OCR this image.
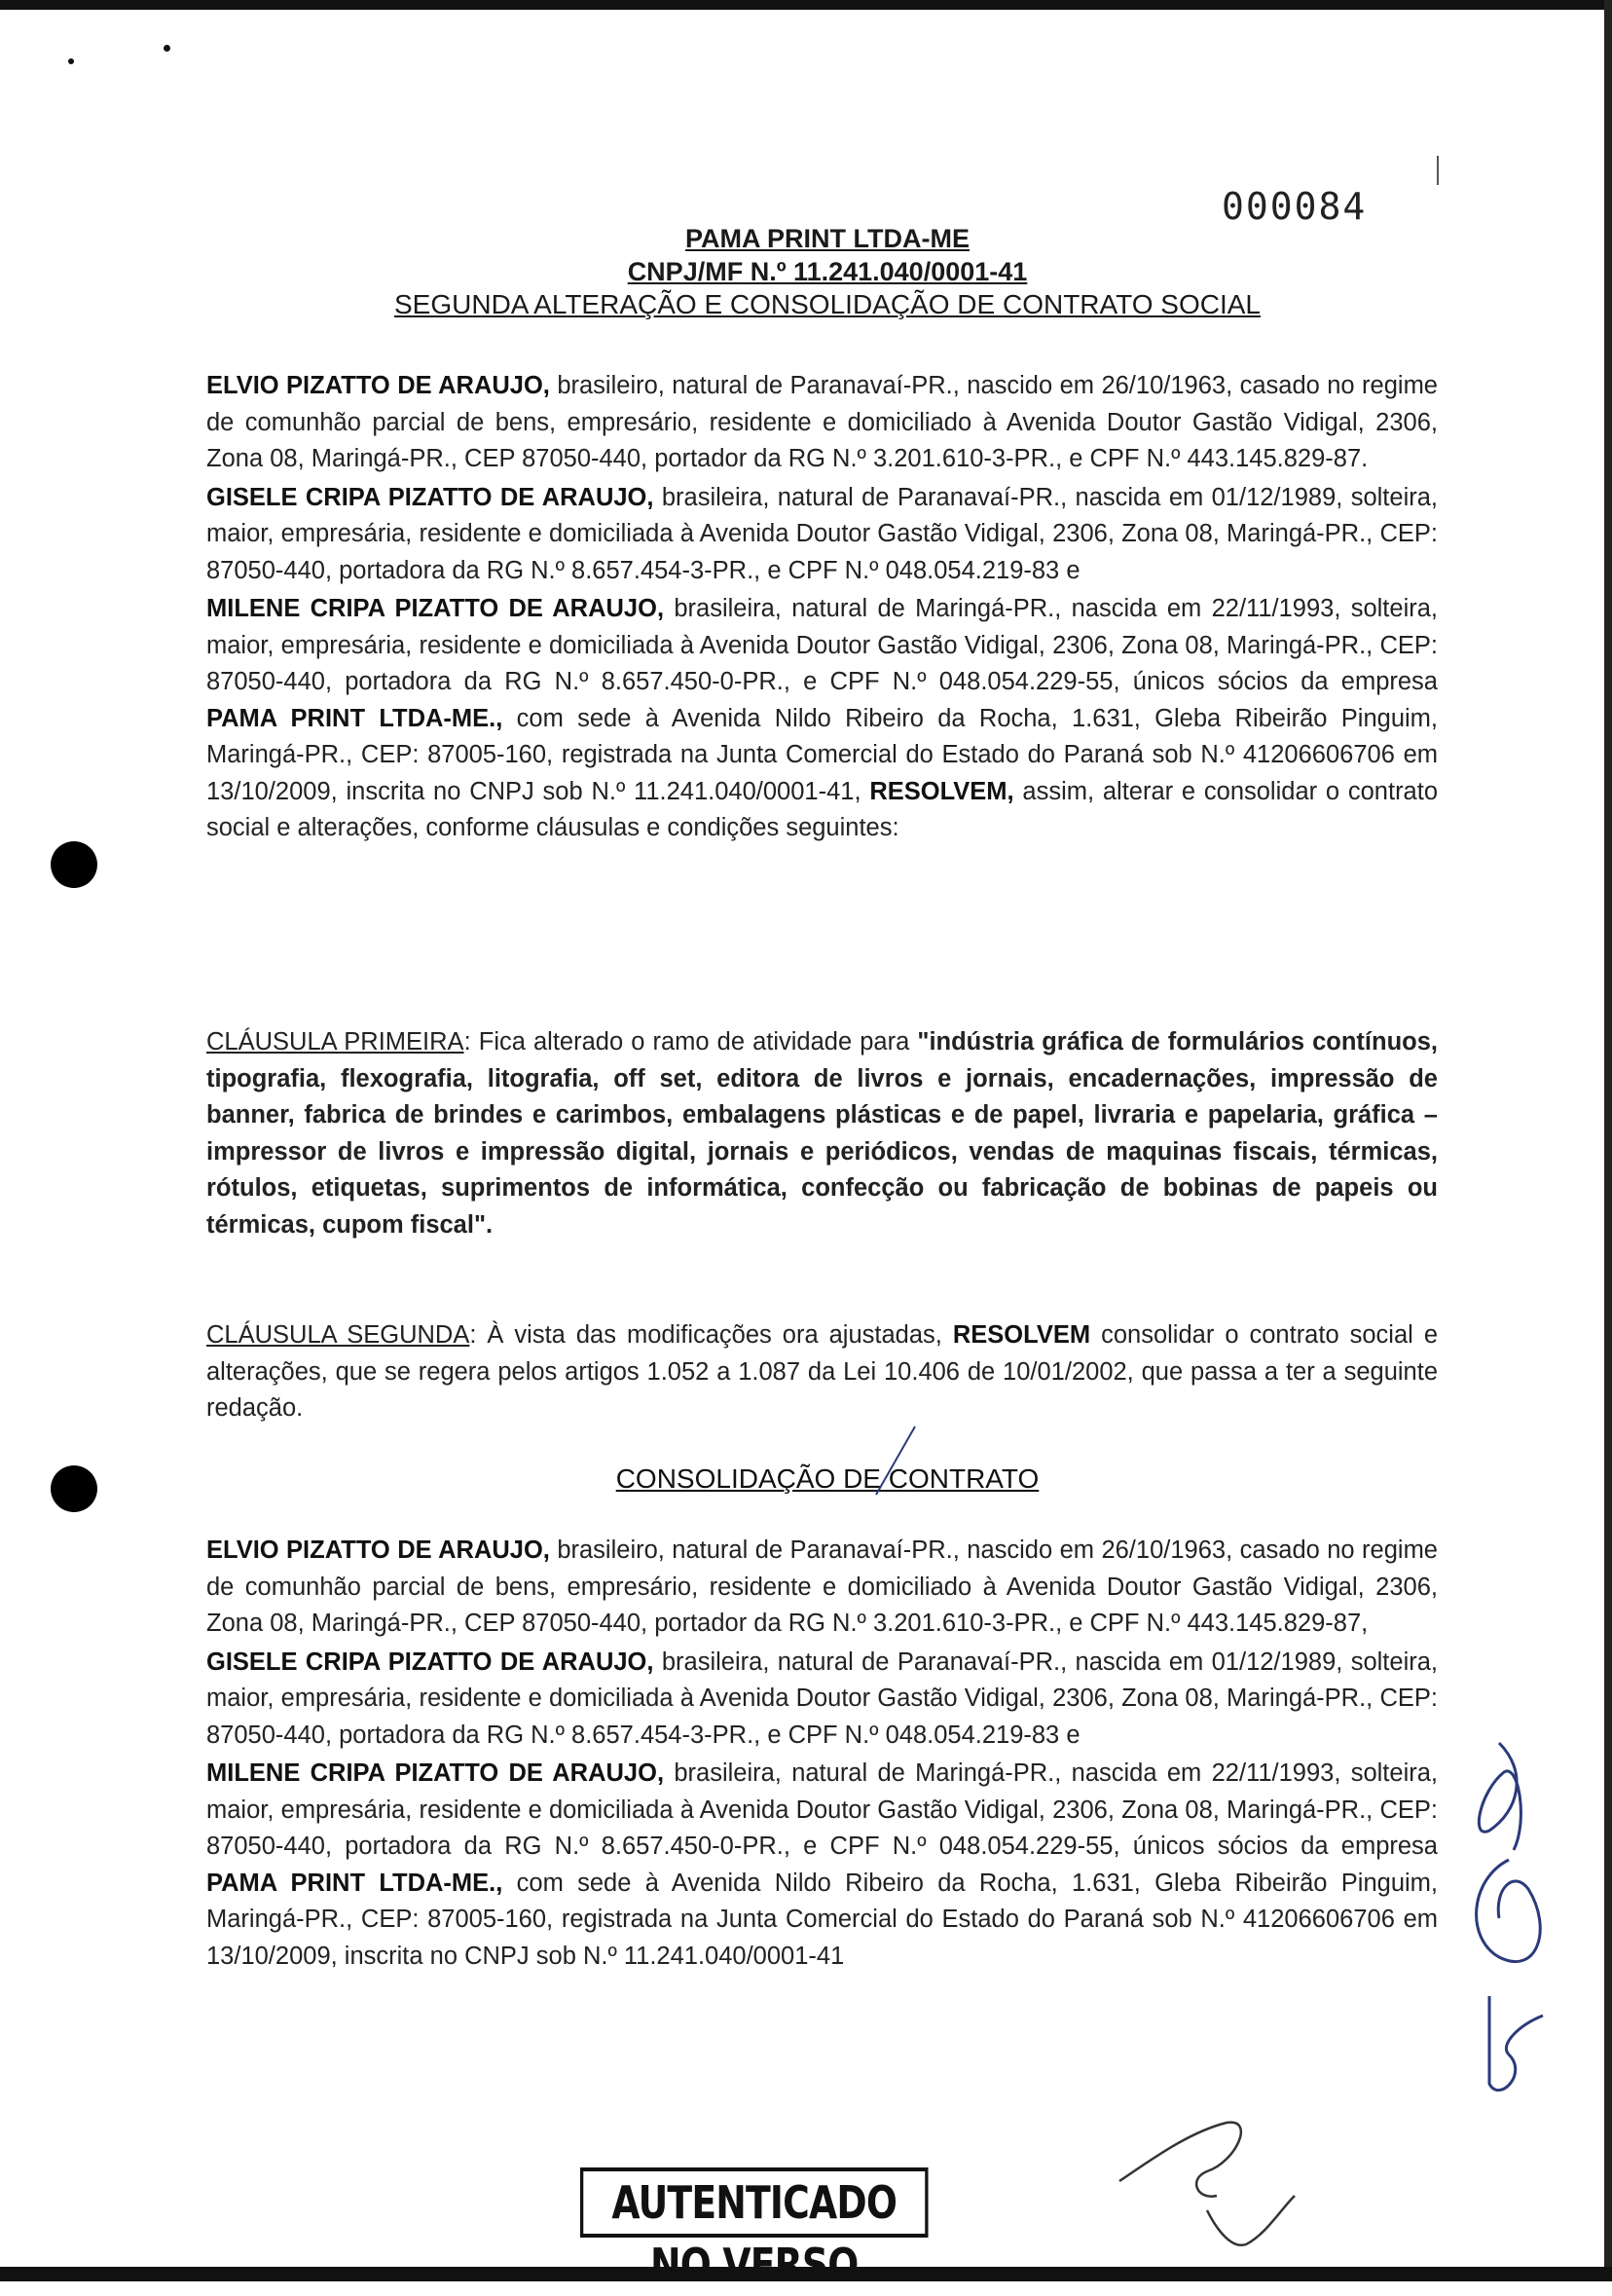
000084
PAMA PRINT LTDA-ME
CNPJ/MF N.º 11.241.040/0001-41
SEGUNDA ALTERAÇÃO E CONSOLIDAÇÃO DE CONTRATO SOCIAL

ELVIO PIZATTO DE ARAUJO, brasileiro, natural de Paranavaí-PR., nascido em 26/10/1963, casado no regime de comunhão parcial de bens, empresário, residente e domiciliado à Avenida Doutor Gastão Vidigal, 2306, Zona 08, Maringá-PR., CEP 87050-440, portador da RG N.º 3.201.610-3-PR., e CPF N.º 443.145.829-87.

GISELE CRIPA PIZATTO DE ARAUJO, brasileira, natural de Paranavaí-PR., nascida em 01/12/1989, solteira, maior, empresária, residente e domiciliada à Avenida Doutor Gastão Vidigal, 2306, Zona 08, Maringá-PR., CEP: 87050-440, portadora da RG N.º 8.657.454-3-PR., e CPF N.º 048.054.219-83 e

MILENE CRIPA PIZATTO DE ARAUJO, brasileira, natural de Maringá-PR., nascida em 22/11/1993, solteira, maior, empresária, residente e domiciliada à Avenida Doutor Gastão Vidigal, 2306, Zona 08, Maringá-PR., CEP: 87050-440, portadora da RG N.º 8.657.450-0-PR., e CPF N.º 048.054.229-55, únicos sócios da empresa PAMA PRINT LTDA-ME., com sede à Avenida Nildo Ribeiro da Rocha, 1.631, Gleba Ribeirão Pinguim, Maringá-PR., CEP: 87005-160, registrada na Junta Comercial do Estado do Paraná sob N.º 41206606706 em 13/10/2009, inscrita no CNPJ sob N.º 11.241.040/0001-41, RESOLVEM, assim, alterar e consolidar o contrato social e alterações, conforme cláusulas e condições seguintes:

CLÁUSULA PRIMEIRA: Fica alterado o ramo de atividade para "indústria gráfica de formulários contínuos, tipografia, flexografia, litografia, off set, editora de livros e jornais, encadernações, impressão de banner, fabrica de brindes e carimbos, embalagens plásticas e de papel, livraria e papelaria, gráfica – impressor de livros e impressão digital, jornais e periódicos, vendas de maquinas fiscais, térmicas, rótulos, etiquetas, suprimentos de informática, confecção ou fabricação de bobinas de papeis ou térmicas, cupom fiscal".

CLÁUSULA SEGUNDA: À vista das modificações ora ajustadas, RESOLVEM consolidar o contrato social e alterações, que se regera pelos artigos 1.052 a 1.087 da Lei 10.406 de 10/01/2002, que passa a ter a seguinte redação.

CONSOLIDAÇÃO DE CONTRATO

ELVIO PIZATTO DE ARAUJO, brasileiro, natural de Paranavaí-PR., nascido em 26/10/1963, casado no regime de comunhão parcial de bens, empresário, residente e domiciliado à Avenida Doutor Gastão Vidigal, 2306, Zona 08, Maringá-PR., CEP 87050-440, portador da RG N.º 3.201.610-3-PR., e CPF N.º 443.145.829-87,

GISELE CRIPA PIZATTO DE ARAUJO, brasileira, natural de Paranavaí-PR., nascida em 01/12/1989, solteira, maior, empresária, residente e domiciliada à Avenida Doutor Gastão Vidigal, 2306, Zona 08, Maringá-PR., CEP: 87050-440, portadora da RG N.º 8.657.454-3-PR., e CPF N.º 048.054.219-83 e

MILENE CRIPA PIZATTO DE ARAUJO, brasileira, natural de Maringá-PR., nascida em 22/11/1993, solteira, maior, empresária, residente e domiciliada à Avenida Doutor Gastão Vidigal, 2306, Zona 08, Maringá-PR., CEP: 87050-440, portadora da RG N.º 8.657.450-0-PR., e CPF N.º 048.054.229-55, únicos sócios da empresa PAMA PRINT LTDA-ME., com sede à Avenida Nildo Ribeiro da Rocha, 1.631, Gleba Ribeirão Pinguim, Maringá-PR., CEP: 87005-160, registrada na Junta Comercial do Estado do Paraná sob N.º 41206606706 em 13/10/2009, inscrita no CNPJ sob N.º 11.241.040/0001-41

AUTENTICADO NO VERSO
